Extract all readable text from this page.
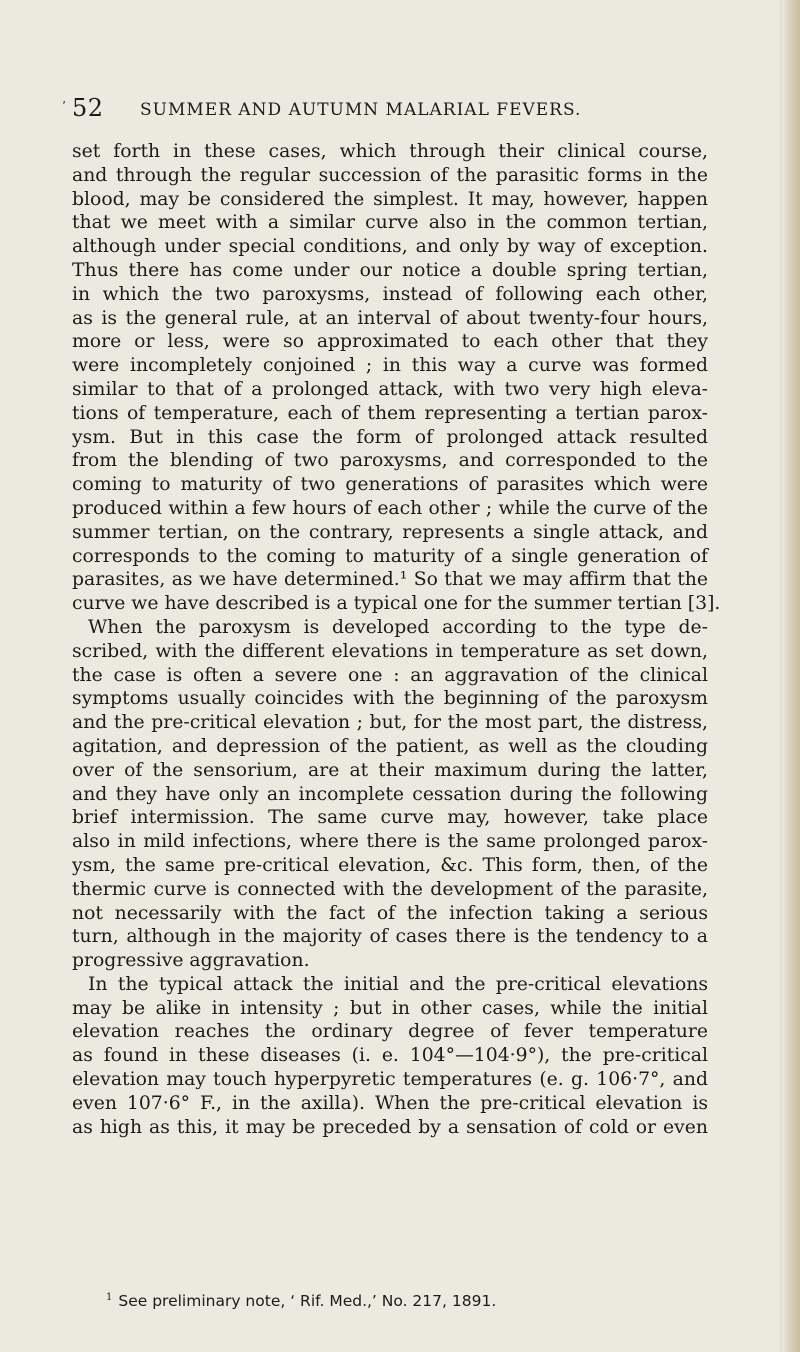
’ 52 SUMMER AND AUTUMN MALARIAL FEVERS.
set forth in these cases, which through their clinical course,
and through the regular succession of the parasitic forms in the
blood, may be considered the simplest. It may, however, happen
that we meet with a similar curve also in the common tertian,
although under special conditions, and only by way of exception.
Thus there has come under our notice a double spring tertian,
in which the two paroxysms, instead of following each other,
as is the general rule, at an interval of about twenty-four hours,
more or less, were so approximated to each other that they
were incompletely conjoined ; in this way a curve was formed
similar to that of a prolonged attack, with two very high eleva-
tions of temperature, each of them representing a tertian parox-
ysm. But in this case the form of prolonged attack resulted
from the blending of two paroxysms, and corresponded to the
coming to maturity of two generations of parasites which were
produced within a few hours of each other ; while the curve of the
summer tertian, on the contrary, represents a single attack, and
corresponds to the coming to maturity of a single generation of
parasites, as we have determined.¹ So that we may affirm that the
curve we have described is a typical one for the summer tertian [3].
When the paroxysm is developed according to the type de-
scribed, with the different elevations in temperature as set down,
the case is often a severe one : an aggravation of the clinical
symptoms usually coincides with the beginning of the paroxysm
and the pre-critical elevation ; but, for the most part, the distress,
agitation, and depression of the patient, as well as the clouding
over of the sensorium, are at their maximum during the latter,
and they have only an incomplete cessation during the following
brief intermission. The same curve may, however, take place
also in mild infections, where there is the same prolonged parox-
ysm, the same pre-critical elevation, &c. This form, then, of the
thermic curve is connected with the development of the parasite,
not necessarily with the fact of the infection taking a serious
turn, although in the majority of cases there is the tendency to a
progressive aggravation.
In the typical attack the initial and the pre-critical elevations
may be alike in intensity ; but in other cases, while the initial
elevation reaches the ordinary degree of fever temperature
as found in these diseases (i. e. 104°—104·9°), the pre-critical
elevation may touch hyperpyretic temperatures (e. g. 106·7°, and
even 107·6° F., in the axilla). When the pre-critical elevation is
as high as this, it may be preceded by a sensation of cold or even
$^1$ See preliminary note, ‘ Rif. Med.,’ No. 217, 1891.
